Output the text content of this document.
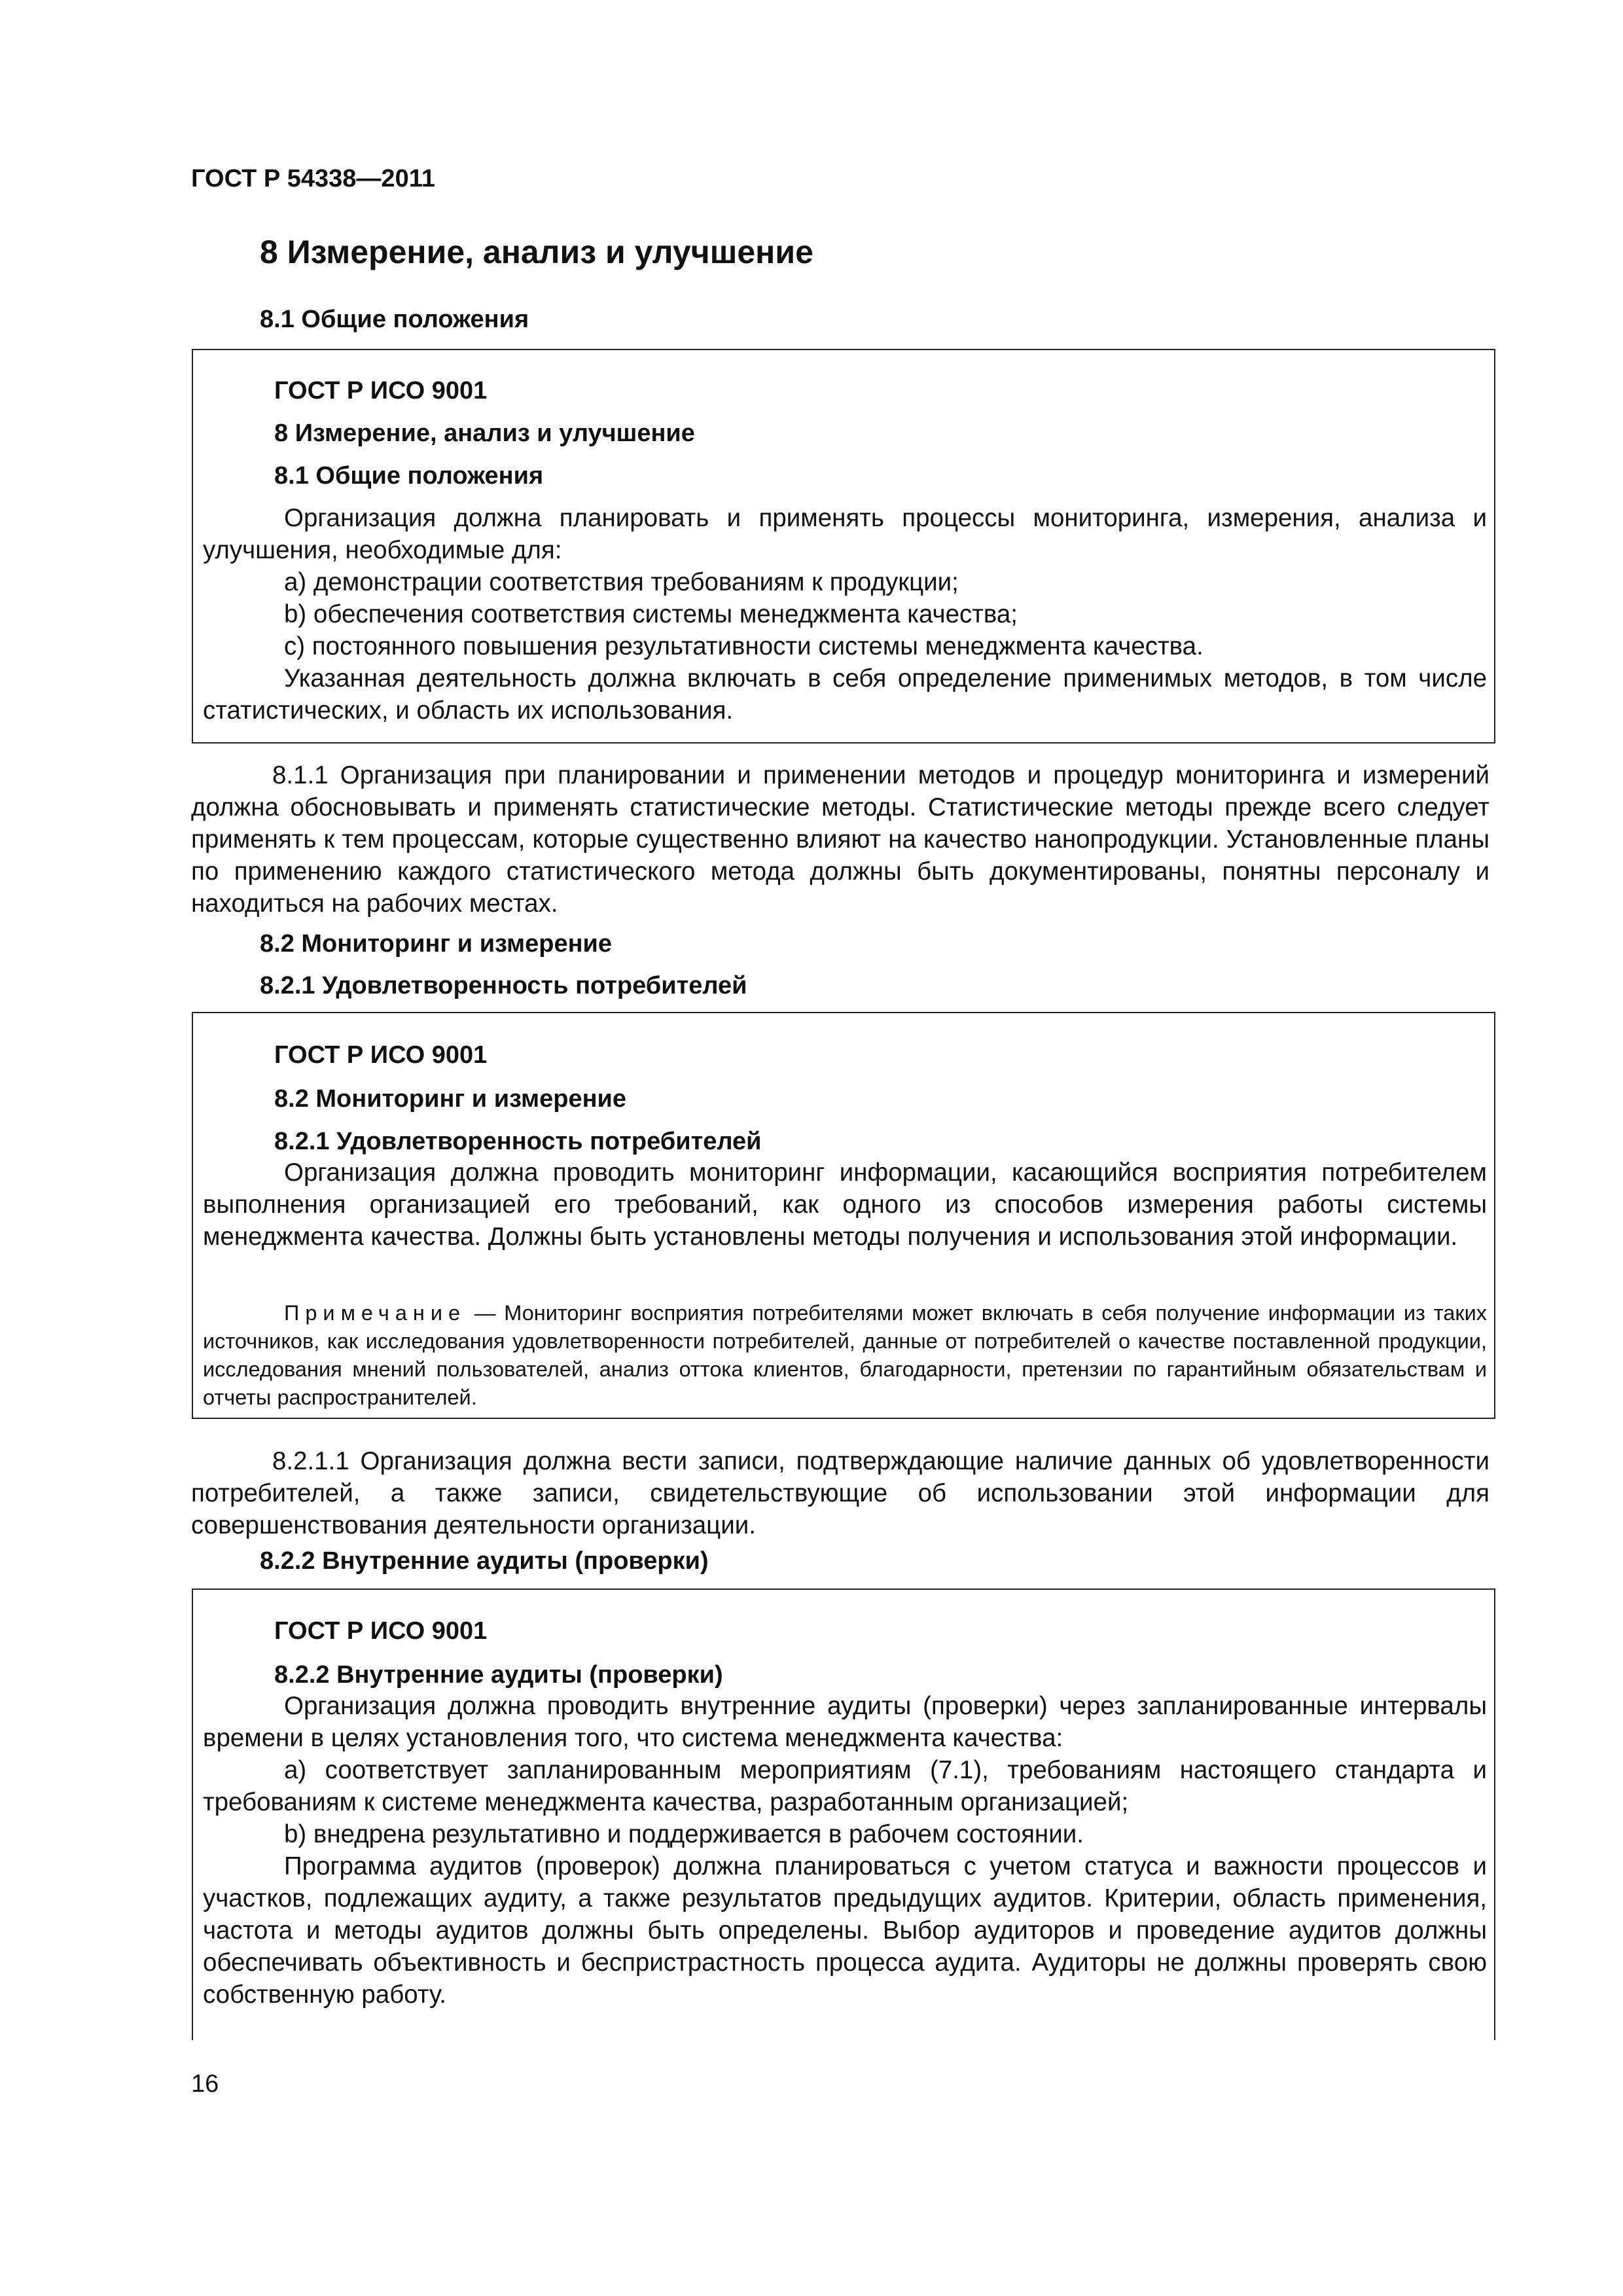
ГОСТ Р 54338—2011

8 Измерение, анализ и улучшение

8.1 Общие положения

ГОСТ Р ИСО 9001

8 Измерение, анализ и улучшение

8.1 Общие положения

Организация должна планировать и применять процессы мониторинга, измерения, анализа и улучшения, необходимые для:

a) демонстрации соответствия требованиям к продукции;

b) обеспечения соответствия системы менеджмента качества;

c) постоянного повышения результативности системы менеджмента качества.

Указанная деятельность должна включать в себя определение применимых методов, в том числе статистических, и область их использования.

8.1.1 Организация при планировании и применении методов и процедур мониторинга и измерений должна обосновывать и применять статистические методы. Статистические методы прежде всего следует применять к тем процессам, которые существенно влияют на качество нанопродукции. Установленные планы по применению каждого статистического метода должны быть документированы, понятны персоналу и находиться на рабочих местах.

8.2 Мониторинг и измерение

8.2.1 Удовлетворенность потребителей

ГОСТ Р ИСО 9001

8.2 Мониторинг и измерение

8.2.1 Удовлетворенность потребителей

Организация должна проводить мониторинг информации, касающийся восприятия потребителем выполнения организацией его требований, как одного из способов измерения работы системы менеджмента качества. Должны быть установлены методы получения и использования этой информации.

Примечание — Мониторинг восприятия потребителями может включать в себя получение информации из таких источников, как исследования удовлетворенности потребителей, данные от потребителей о качестве поставленной продукции, исследования мнений пользователей, анализ оттока клиентов, благодарности, претензии по гарантийным обязательствам и отчеты распространителей.

8.2.1.1 Организация должна вести записи, подтверждающие наличие данных об удовлетворенности потребителей, а также записи, свидетельствующие об использовании этой информации для совершенствования деятельности организации.

8.2.2 Внутренние аудиты (проверки)

ГОСТ Р ИСО 9001

8.2.2 Внутренние аудиты (проверки)

Организация должна проводить внутренние аудиты (проверки) через запланированные интервалы времени в целях установления того, что система менеджмента качества:

a) соответствует запланированным мероприятиям (7.1), требованиям настоящего стандарта и требованиям к системе менеджмента качества, разработанным организацией;

b) внедрена результативно и поддерживается в рабочем состоянии.

Программа аудитов (проверок) должна планироваться с учетом статуса и важности процессов и участков, подлежащих аудиту, а также результатов предыдущих аудитов. Критерии, область применения, частота и методы аудитов должны быть определены. Выбор аудиторов и проведение аудитов должны обеспечивать объективность и беспристрастность процесса аудита. Аудиторы не должны проверять свою собственную работу.

16
